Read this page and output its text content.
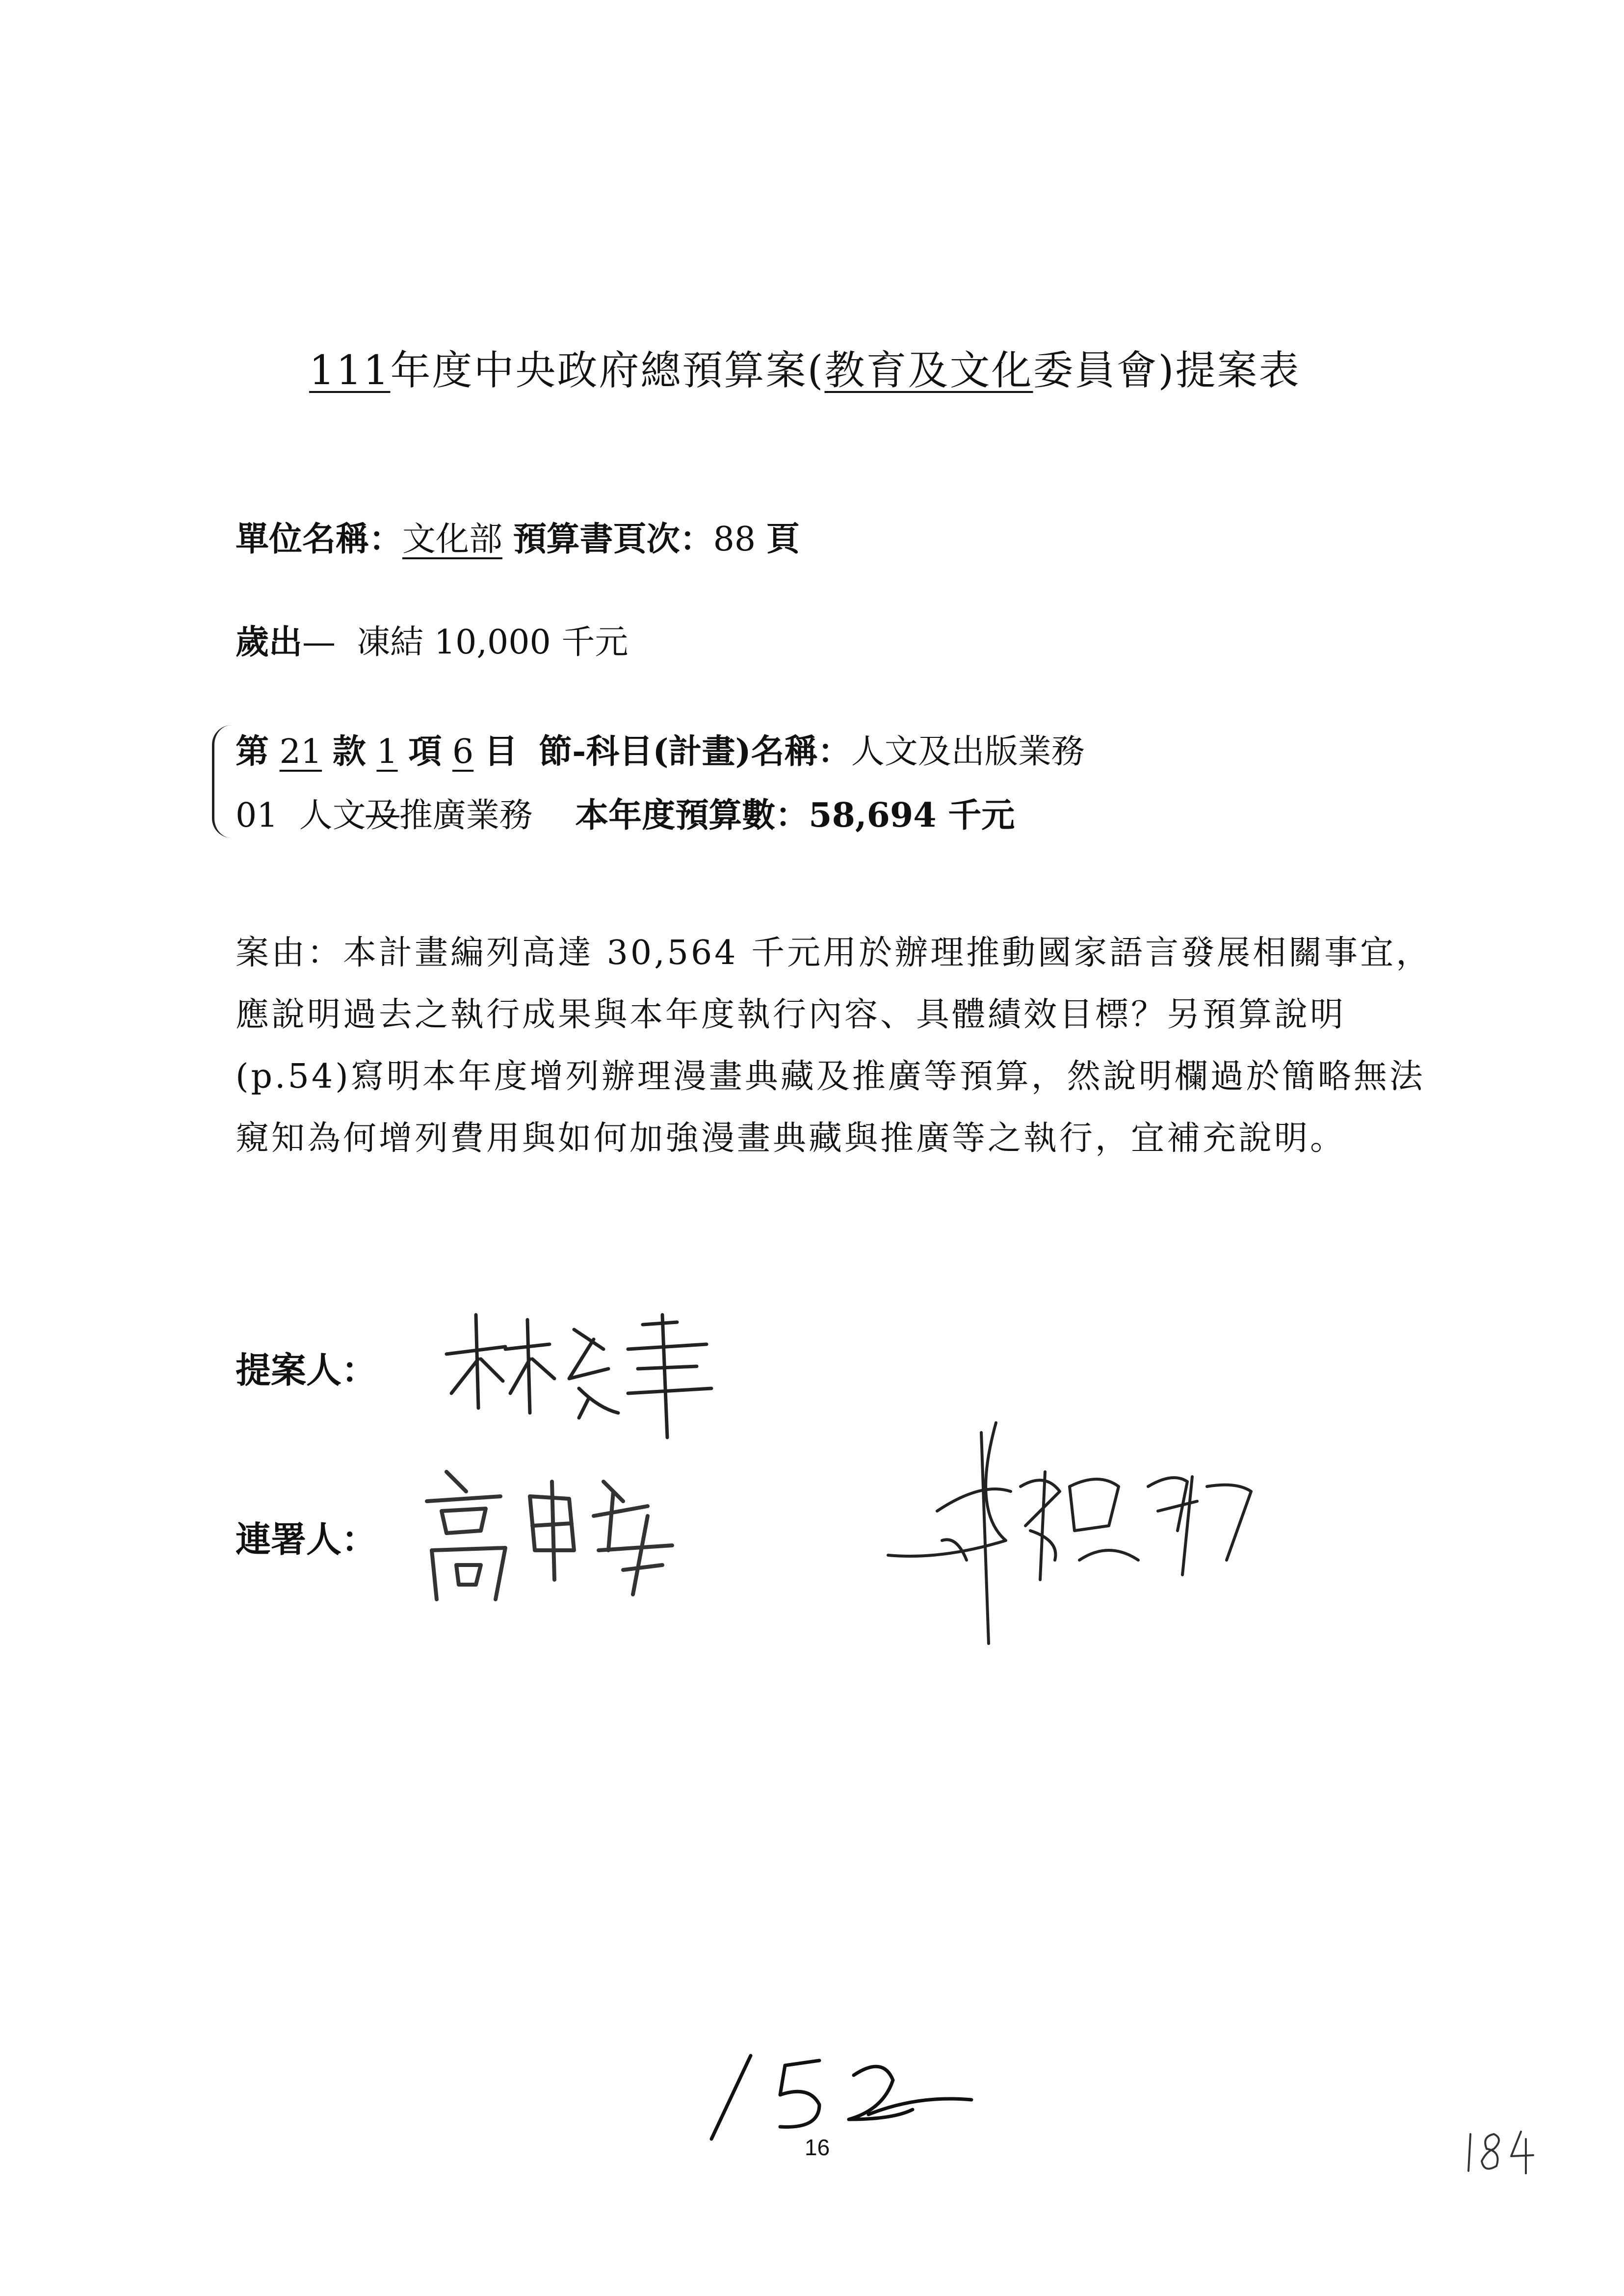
111年度中央政府總預算案(教育及文化委員會)提案表
單位名稱：文化部 預算書頁次：88 頁
歲出— 凍結 10,000 千元
第 21 款 1 項 6 目 節-科目(計畫)名稱：人文及出版業務
01 人文及推廣業務 本年度預算數：58,694 千元
案由：本計畫編列高達 30,564 千元用於辦理推動國家語言發展相關事宜，應說明過去之執行成果與本年度執行內容、具體績效目標？另預算說明(p.54)寫明本年度增列辦理漫畫典藏及推廣等預算，然說明欄過於簡略無法窺知為何增列費用與如何加強漫畫典藏與推廣等之執行，宜補充說明。
提案人：
連署人：
16
